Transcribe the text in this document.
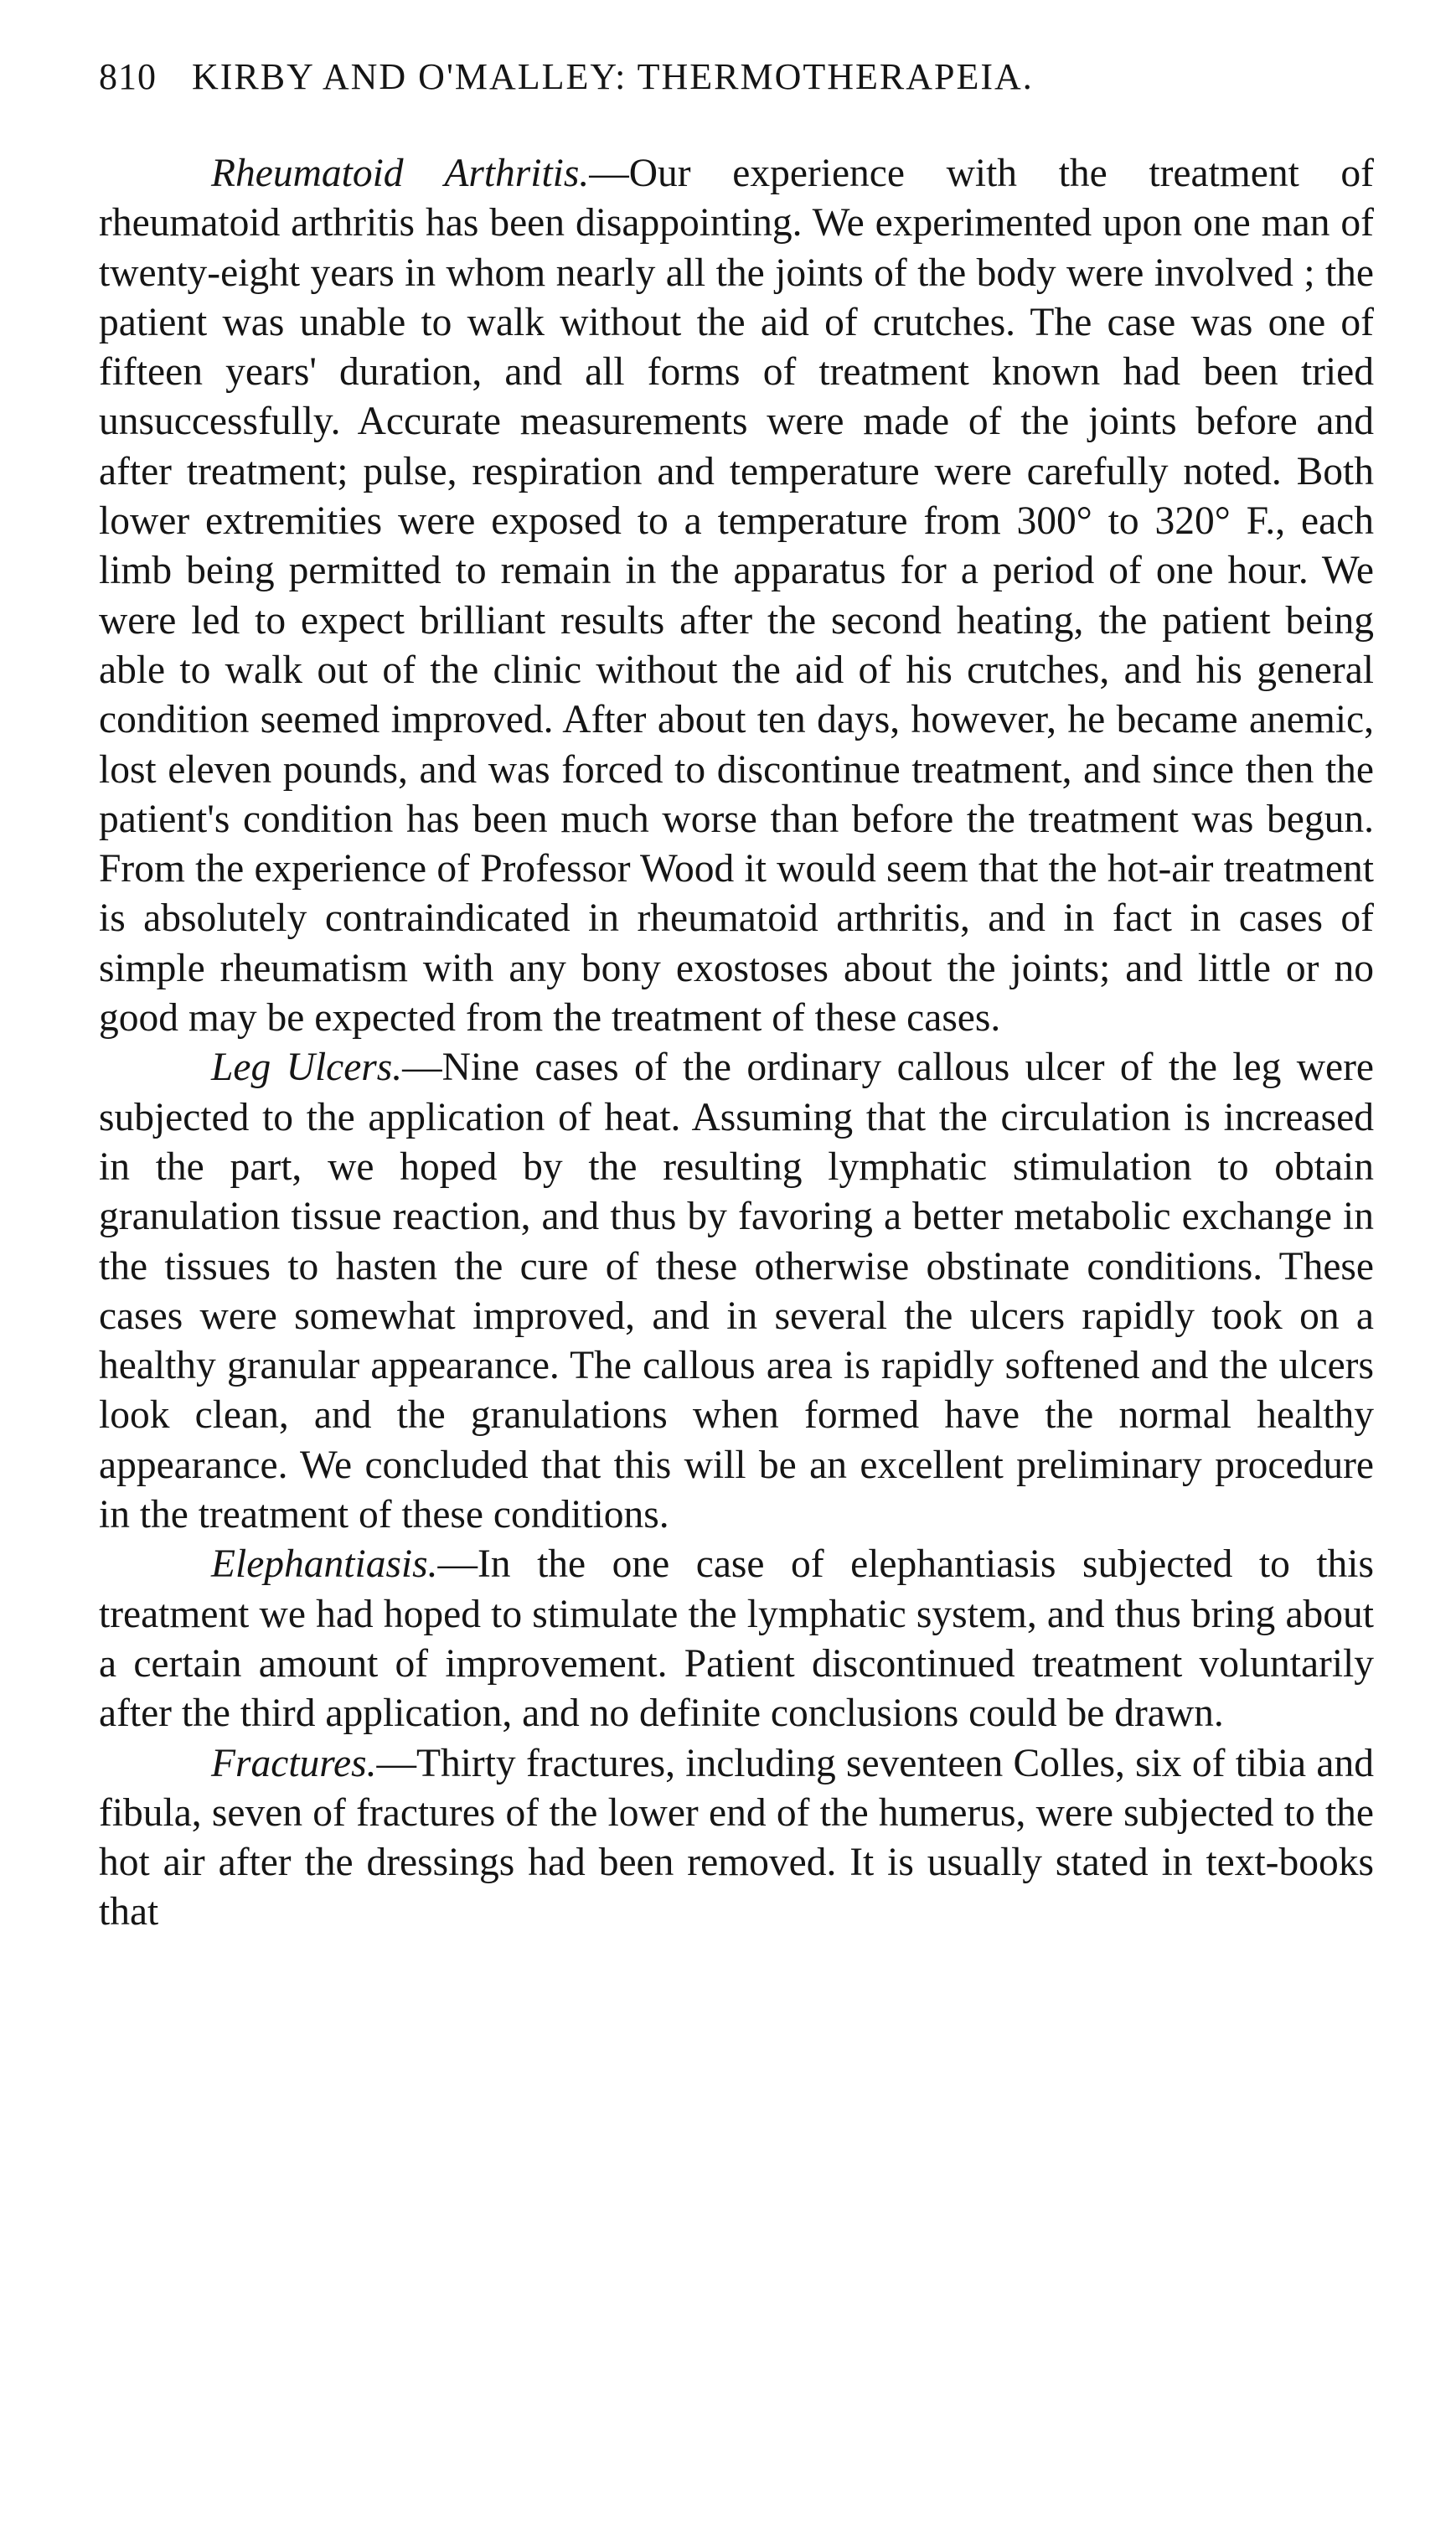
810 KIRBY AND O'MALLEY: THERMOTHERAPEIA.

Rheumatoid Arthritis.—Our experience with the treatment of rheumatoid arthritis has been disappointing. We experimented upon one man of twenty-eight years in whom nearly all the joints of the body were involved ; the patient was unable to walk without the aid of crutches. The case was one of fifteen years' duration, and all forms of treatment known had been tried unsuccessfully. Accurate measurements were made of the joints before and after treatment; pulse, respiration and temperature were carefully noted. Both lower extremities were exposed to a temperature from 300° to 320° F., each limb being permitted to remain in the apparatus for a period of one hour. We were led to expect brilliant results after the second heating, the patient being able to walk out of the clinic without the aid of his crutches, and his general condition seemed improved. After about ten days, however, he became anemic, lost eleven pounds, and was forced to discontinue treatment, and since then the patient's condition has been much worse than before the treatment was begun. From the experience of Professor Wood it would seem that the hot-air treatment is absolutely contraindicated in rheumatoid arthritis, and in fact in cases of simple rheumatism with any bony exostoses about the joints; and little or no good may be expected from the treatment of these cases.

Leg Ulcers.—Nine cases of the ordinary callous ulcer of the leg were subjected to the application of heat. Assuming that the circulation is increased in the part, we hoped by the resulting lymphatic stimulation to obtain granulation tissue reaction, and thus by favoring a better metabolic exchange in the tissues to hasten the cure of these otherwise obstinate conditions. These cases were somewhat improved, and in several the ulcers rapidly took on a healthy granular appearance. The callous area is rapidly softened and the ulcers look clean, and the granulations when formed have the normal healthy appearance. We concluded that this will be an excellent preliminary procedure in the treatment of these conditions.

Elephantiasis.—In the one case of elephantiasis subjected to this treatment we had hoped to stimulate the lymphatic system, and thus bring about a certain amount of improvement. Patient discontinued treatment voluntarily after the third application, and no definite conclusions could be drawn.

Fractures.—Thirty fractures, including seventeen Colles, six of tibia and fibula, seven of fractures of the lower end of the humerus, were subjected to the hot air after the dressings had been removed. It is usually stated in text-books that
